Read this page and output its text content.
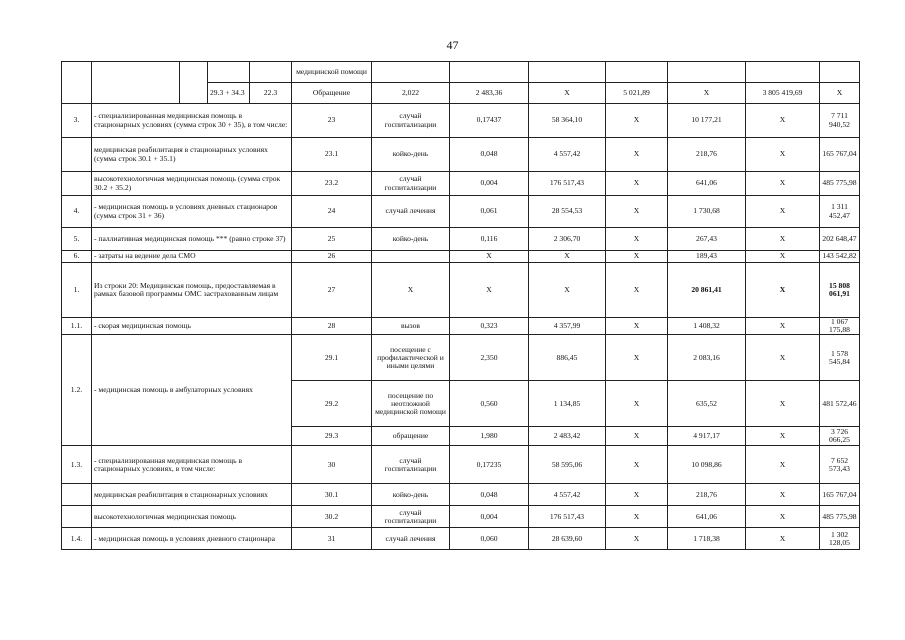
47
					медицинской помощи								
			29.3 + 34.3	22.3	Обращение	2,022	2 483,36	Х	5 021,89	Х	3 805 419,69	Х	
3.	- специализированная медицинская помощь в стационарных условиях (сумма строк 30 + 35), в том числе:				23	случай госпитализации	0,17437	58 364,10	Х	10 177,21	Х	7 711 940,52	
	медицинская реабилитация в стационарных условиях (сумма строк 30.1 + 35.1)				23.1	койко-день	0,048	4 557,42	Х	218,76	Х	165 767,04	
	высокотехнологичная медицинская помощь (сумма строк 30.2 + 35.2)				23.2	случай госпитализации	0,004	176 517,43	Х	641,06	Х	485 775,98	
4.	- медицинская помощь в условиях дневных стационаров (сумма строк 31 + 36)				24	случай лечения	0,061	28 554,53	Х	1 730,68	Х	1 311 452,47	
5.	- паллиативная медицинская помощь *** (равно строке 37)				25	койко-день	0,116	2 306,70	Х	267,43	Х	202 648,47	
6.	- затраты на ведение дела СМО				26		Х	Х	Х	189,43	Х	143 542,82	
1.	Из строки 20: Медицинская помощь, предоставляемая в рамках базовой программы ОМС застрахованным лицам				27	Х	Х	Х	Х	20 861,41	Х	15 808 061,91	
1.1.	- скорая медицинская помощь				28	вызов	0,323	4 357,99	Х	1 408,32	Х	1 067 175,88	
1.2.	- медицинская помощь в амбулаторных условиях				29.1	посещение с профилактической и иными целями	2,350	886,45	Х	2 083,16	Х	1 578 545,84	
					29.2	посещение по неотложной медицинской помощи	0,560	1 134,85	Х	635,52	Х	481 572,46	
					29.3	обращение	1,980	2 483,42	Х	4 917,17	Х	3 726 066,25	
1.3.	- специализированная медицинская помощь в стационарных условиях, в том числе:				30	случай госпитализации	0,17235	58 595,06	Х	10 098,86	Х	7 652 573,43	
	медицинская реабилитация в стационарных условиях				30.1	койко-день	0,048	4 557,42	Х	218,76	Х	165 767,04	
	высокотехнологичная медицинская помощь				30.2	случай госпитализации	0,004	176 517,43	Х	641,06	Х	485 775,98	
1.4.	- медицинская помощь в условиях дневного стационара				31	случай лечения	0,060	28 639,60	Х	1 718,38	Х	1 302 128,05	
